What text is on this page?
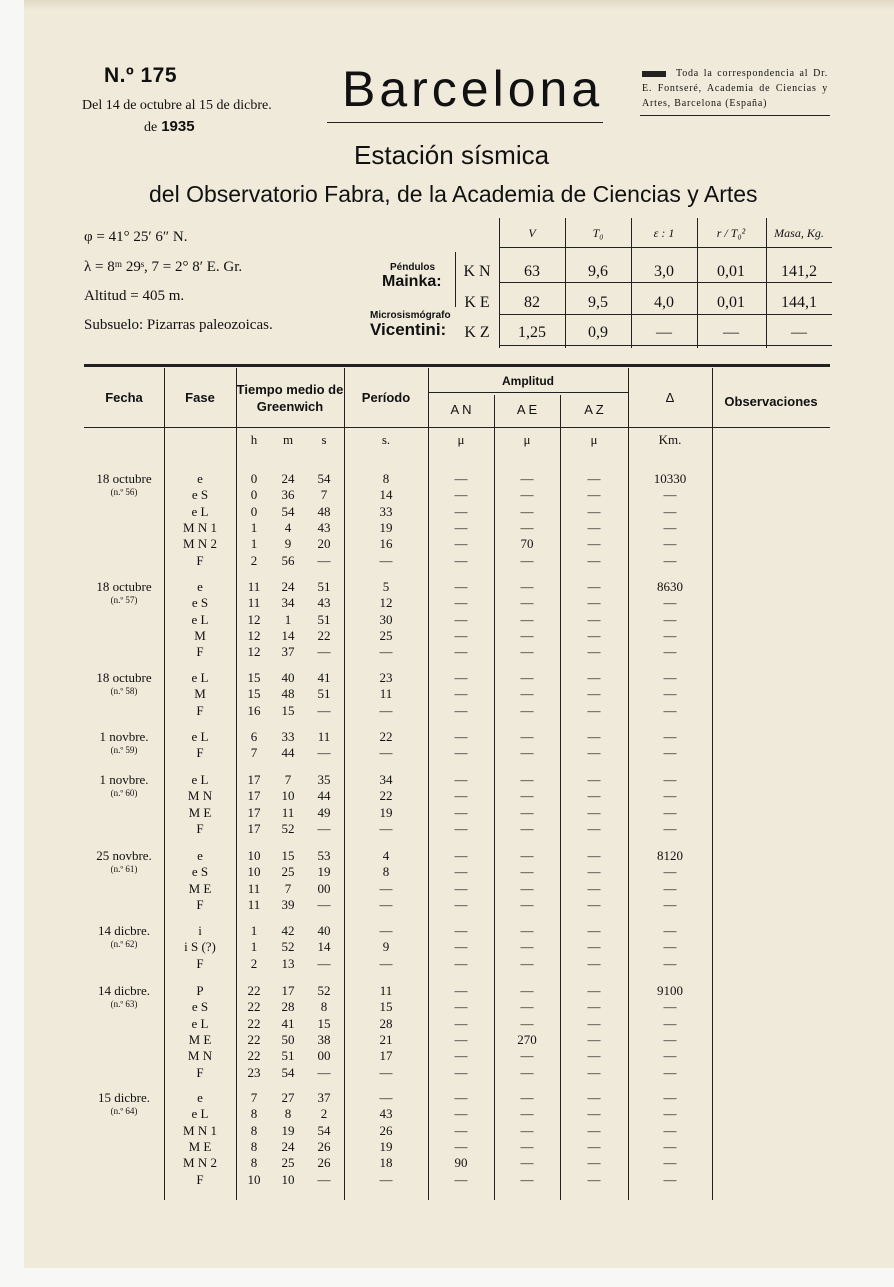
N.º 175
Del 14 de octubre al 15 de dicbre.
de 1935
Barcelona	Toda la correspondencia al Dr. E. Fontseré, Academia de Ciencias y Artes, Barcelona (España)
Estación sísmica
del Observatorio Fabra, de la Academia de Ciencias y Artes
φ = 41° 25′ 6″ N.
λ = 8ᵐ 29ˢ, 7 = 2° 8′ E. Gr.
Altitud = 405 m.
Subsuelo: Pizarras paleozoicas.
Péndulos
Mainka:
Microsismógrafo
Vicentini:
V	T₀	ε : 1	r / T₀²	Masa, Kg.
K N	63	9,6	3,0	0,01	141,2
K E	82	9,5	4,0	0,01	144,1
K Z	1,25	0,9	—	—	—
Fecha	Fase
Tiempo medio de Greenwich
Período
Amplitud
A N	A E	A Z
Δ	Observaciones
h	m	s	s.	μ	μ	μ	Km.
18 octubre
(n.º 56)
e	0	24	54	8	—	—	—	10330
e S	0	36	7	14	—	—	—	—
e L	0	54	48	33	—	—	—	—
M N 1	1	4	43	19	—	—	—	—
M N 2	1	9	20	16	—	70	—	—
F	2	56	—	—	—	—	—	—
18 octubre
(n.º 57)
e	11	24	51	5	—	—	—	8630
e S	11	34	43	12	—	—	—	—
e L	12	1	51	30	—	—	—	—
M	12	14	22	25	—	—	—	—
F	12	37	—	—	—	—	—	—
18 octubre
(n.º 58)
e L	15	40	41	23	—	—	—	—
M	15	48	51	11	—	—	—	—
F	16	15	—	—	—	—	—	—
1 novbre.
(n.º 59)
e L	6	33	11	22	—	—	—	—
F	7	44	—	—	—	—	—	—
1 novbre.
(n.º 60)
e L	17	7	35	34	—	—	—	—
M N	17	10	44	22	—	—	—	—
M E	17	11	49	19	—	—	—	—
F	17	52	—	—	—	—	—	—
25 novbre.
(n.º 61)
e	10	15	53	4	—	—	—	8120
e S	10	25	19	8	—	—	—	—
M E	11	7	00	—	—	—	—	—
F	11	39	—	—	—	—	—	—
14 dicbre.
(n.º 62)
i	1	42	40	—	—	—	—	—
i S (?)	1	52	14	9	—	—	—	—
F	2	13	—	—	—	—	—	—
14 dicbre.
(n.º 63)
P	22	17	52	11	—	—	—	9100
e S	22	28	8	15	—	—	—	—
e L	22	41	15	28	—	—	—	—
M E	22	50	38	21	—	270	—	—
M N	22	51	00	17	—	—	—	—
F	23	54	—	—	—	—	—	—
15 dicbre.
(n.º 64)
e	7	27	37	—	—	—	—	—
e L	8	8	2	43	—	—	—	—
M N 1	8	19	54	26	—	—	—	—
M E	8	24	26	19	—	—	—	—
M N 2	8	25	26	18	90	—	—	—
F	10	10	—	—	—	—	—	—
